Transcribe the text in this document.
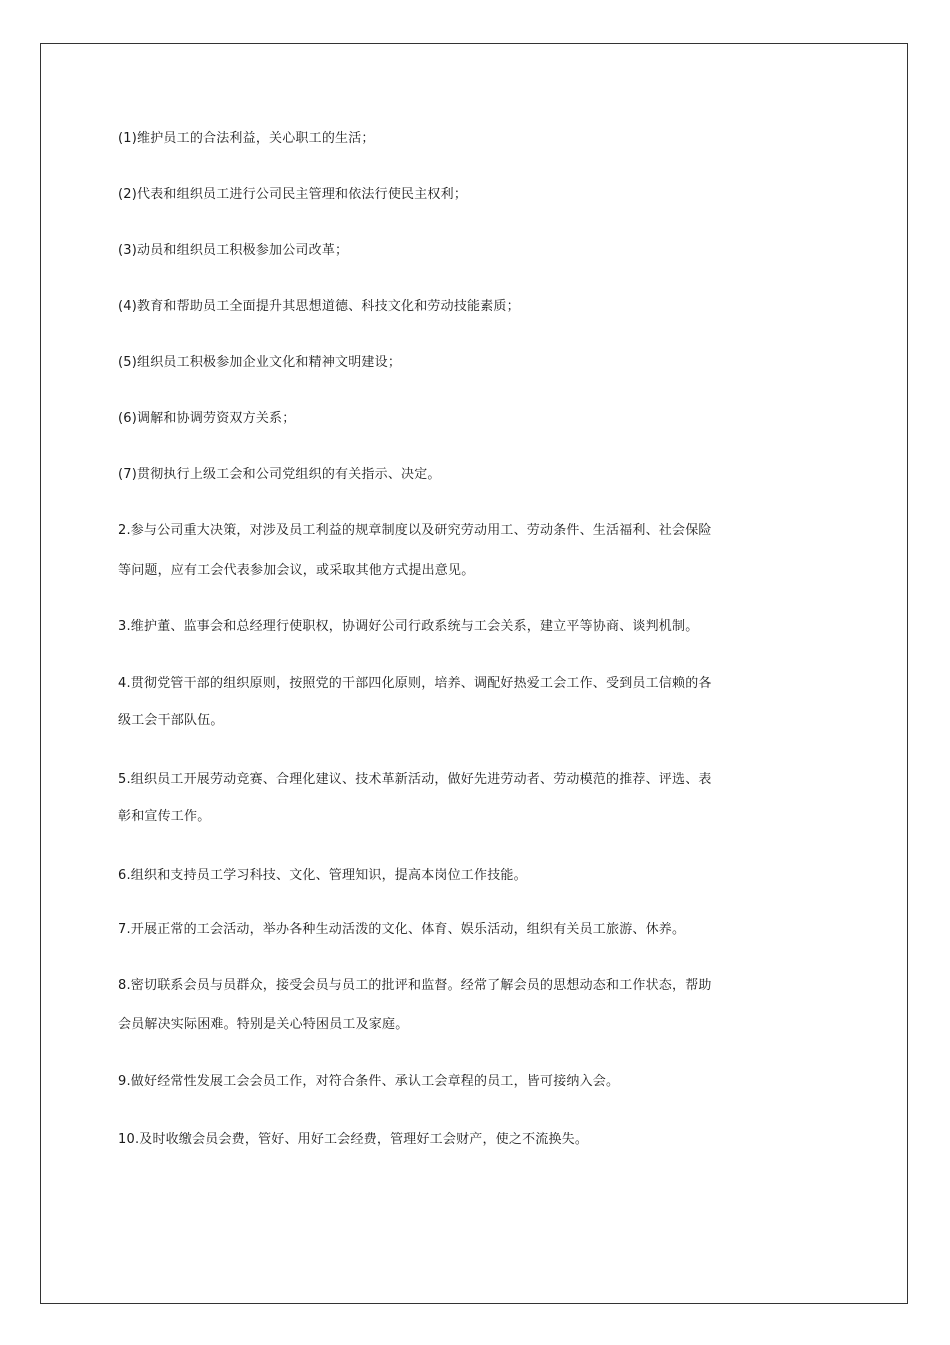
(1)维护员工的合法利益，关心职工的生活；
(2)代表和组织员工进行公司民主管理和依法行使民主权利；
(3)动员和组织员工积极参加公司改革；
(4)教育和帮助员工全面提升其思想道德、科技文化和劳动技能素质；
(5)组织员工积极参加企业文化和精神文明建设；
(6)调解和协调劳资双方关系；
(7)贯彻执行上级工会和公司党组织的有关指示、决定。
2.参与公司重大决策，对涉及员工利益的规章制度以及研究劳动用工、劳动条件、生活福利、社会保险
等问题，应有工会代表参加会议，或采取其他方式提出意见。
3.维护董、监事会和总经理行使职权，协调好公司行政系统与工会关系，建立平等协商、谈判机制。
4.贯彻党管干部的组织原则，按照党的干部四化原则，培养、调配好热爱工会工作、受到员工信赖的各
级工会干部队伍。
5.组织员工开展劳动竞赛、合理化建议、技术革新活动，做好先进劳动者、劳动模范的推荐、评选、表
彰和宣传工作。
6.组织和支持员工学习科技、文化、管理知识，提高本岗位工作技能。
7.开展正常的工会活动，举办各种生动活泼的文化、体育、娱乐活动，组织有关员工旅游、休养。
8.密切联系会员与员群众，接受会员与员工的批评和监督。经常了解会员的思想动态和工作状态，帮助
会员解决实际困难。特别是关心特困员工及家庭。
9.做好经常性发展工会会员工作，对符合条件、承认工会章程的员工，皆可接纳入会。
10.及时收缴会员会费，管好、用好工会经费，管理好工会财产，使之不流换失。
